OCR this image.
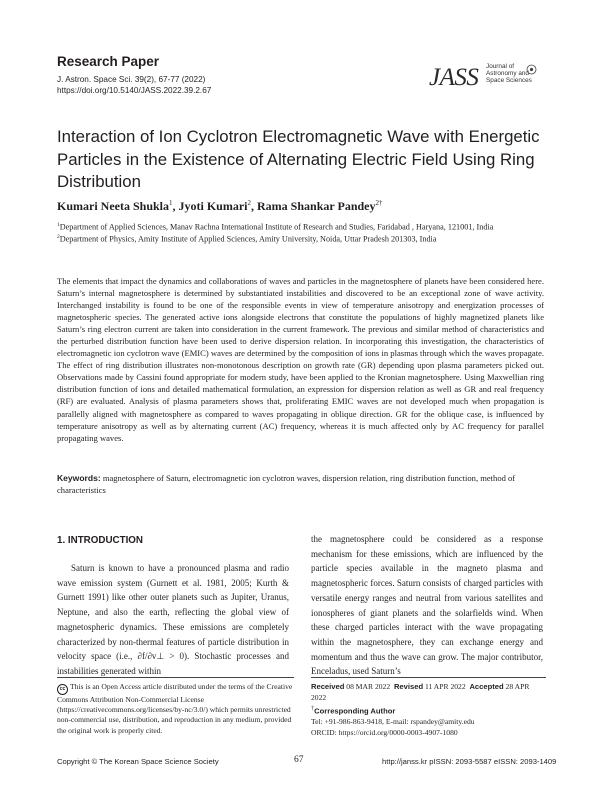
Research Paper
J. Astron. Space Sci. 39(2), 67-77 (2022)
https://doi.org/10.5140/JASS.2022.39.2.67	JASS Journal of
Astronomy and
Space Sciences
Interaction of Ion Cyclotron Electromagnetic Wave with Energetic
Particles in the Existence of Alternating Electric Field Using Ring
Distribution
Kumari Neeta Shukla$^1$, Jyoti Kumari$^2$, Rama Shankar Pandey$^{2\dagger}$
$^1$Department of Applied Sciences, Manav Rachna International Institute of Research and Studies, Faridabad , Haryana, 121001, India
$^2$Department of Physics, Amity Institute of Applied Sciences, Amity University, Noida, Uttar Pradesh 201303, India
The elements that impact the dynamics and collaborations of waves and particles in the magnetosphere of planets have been considered here. Saturn’s internal magnetosphere is determined by substantiated instabilities and discovered to be an exceptional zone of wave activity. Interchanged instability is found to be one of the responsible events in view of temperature anisotropy and energization processes of magnetospheric species. The generated active ions alongside electrons that constitute the populations of highly magnetized planets like Saturn’s ring electron current are taken into consideration in the current framework. The previous and similar method of characteristics and the perturbed distribution function have been used to derive dispersion relation. In incorporating this investigation, the characteristics of electromagnetic ion cyclotron wave (EMIC) waves are determined by the composition of ions in plasmas through which the waves propagate. The effect of ring distribution illustrates non-monotonous description on growth rate (GR) depending upon plasma parameters picked out. Observations made by Cassini found appropriate for modern study, have been applied to the Kronian magnetosphere. Using Maxwellian ring distribution function of ions and detailed mathematical formulation, an expression for dispersion relation as well as GR and real frequency (RF) are evaluated. Analysis of plasma parameters shows that, proliferating EMIC waves are not developed much when propagation is parallelly aligned with magnetosphere as compared to waves propagating in oblique direction. GR for the oblique case, is influenced by temperature anisotropy as well as by alternating current (AC) frequency, whereas it is much affected only by AC frequency for parallel propagating waves.
Keywords: magnetosphere of Saturn, electromagnetic ion cyclotron waves, dispersion relation, ring distribution function, method of characteristics
1. INTRODUCTION
Saturn is known to have a pronounced plasma and radio wave emission system (Gurnett et al. 1981, 2005; Kurth & Gurnett 1991) like other outer planets such as Jupiter, Uranus, Neptune, and also the earth, reflecting the global view of magnetospheric dynamics. These emissions are completely characterized by non-thermal features of particle distribution in velocity space (i.e., ∂f/∂v⊥ > 0). Stochastic processes and instabilities generated within
the magnetosphere could be considered as a response mechanism for these emissions, which are influenced by the particle species available in the magneto plasma and magnetospheric forces. Saturn consists of charged particles with versatile energy ranges and neutral from various satellites and ionospheres of giant planets and the solarfields wind. When these charged particles interact with the wave propagating within the magnetosphere, they can exchange energy and momentum and thus the wave can grow. The major contributor, Enceladus, used Saturn’s
cc This is an Open Access article distributed under the terms of the Creative Commons Attribution Non-Commercial License (https://creativecommons.org/licenses/by-nc/3.0/) which permits unrestricted non-commercial use, distribution, and reproduction in any medium, provided the original work is properly cited.
Received 08 MAR 2022 Revised 11 APR 2022 Accepted 28 APR 2022
†Corresponding Author
Tel: +91-986-863-9418, E-mail: rspandey@amity.edu
ORCID: https://orcid.org/0000-0003-4907-1080
Copyright © The Korean Space Science Society	67	http://janss.kr pISSN: 2093-5587 eISSN: 2093-1409
